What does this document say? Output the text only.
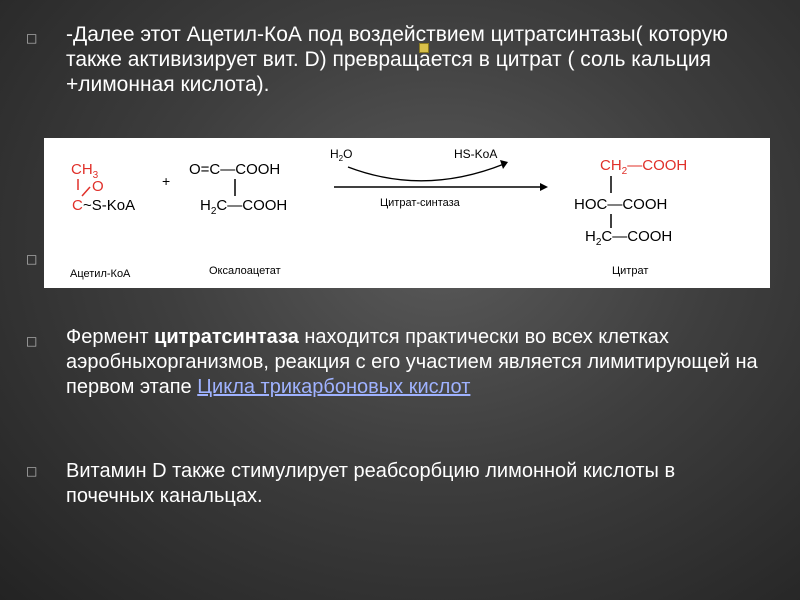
□
□
□
□
-Далее этот Ацетил-КоА под воздействием цитратсинтазы( которую также активизирует вит. D) превращается в цитрат ( соль кальция +лимонная кислота).
$CH_3$
O
C ~S-KoA
+
O=C—COOH
$H_2C—COOH$
$H_2O$	HS-KoA
Цитрат-синтаза
$CH_2—COOH$
HOC—COOH
$H_2C—COOH$
Ацетил-КоА	Оксалоацетат	Цитрат
Фермент цитратсинтаза находится практически во всех клетках аэробныхорганизмов, реакция с его участием является лимитирующей на первом этапе Цикла трикарбоновых кислот
Витамин D также стимулирует реабсорбцию лимонной кислоты в почечных канальцах.
